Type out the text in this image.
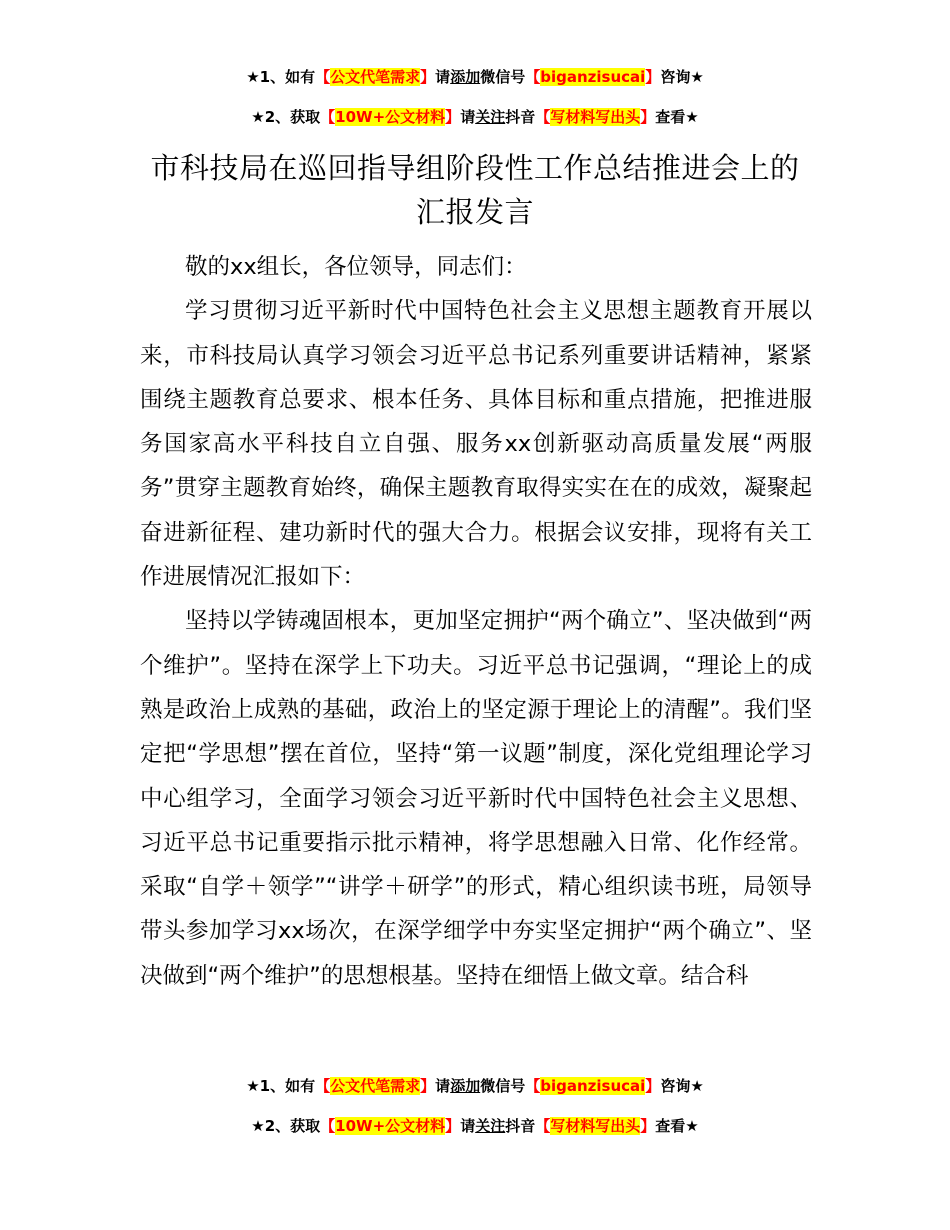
★1、如有【公文代笔需求】请添加微信号【biganzisucai】咨询★
★2、获取【10W+公文材料】请关注抖音【写材料写出头】查看★
市科技局在巡回指导组阶段性工作总结推进会上的汇报发言

敬的xx组长，各位领导，同志们：

学习贯彻习近平新时代中国特色社会主义思想主题教育开展以来，市科技局认真学习领会习近平总书记系列重要讲话精神，紧紧围绕主题教育总要求、根本任务、具体目标和重点措施，把推进服务国家高水平科技自立自强、服务xx创新驱动高质量发展“两服务”贯穿主题教育始终，确保主题教育取得实实在在的成效，凝聚起奋进新征程、建功新时代的强大合力。根据会议安排，现将有关工作进展情况汇报如下：

坚持以学铸魂固根本，更加坚定拥护“两个确立”、坚决做到“两个维护”。坚持在深学上下功夫。习近平总书记强调，“理论上的成熟是政治上成熟的基础，政治上的坚定源于理论上的清醒”。我们坚定把“学思想”摆在首位，坚持“第一议题”制度，深化党组理论学习中心组学习，全面学习领会习近平新时代中国特色社会主义思想、习近平总书记重要指示批示精神，将学思想融入日常、化作经常。采取“自学＋领学”“讲学＋研学”的形式，精心组织读书班，局领导带头参加学习xx场次，在深学细学中夯实坚定拥护“两个确立”、坚决做到“两个维护”的思想根基。坚持在细悟上做文章。结合科

★1、如有【公文代笔需求】请添加微信号【biganzisucai】咨询★
★2、获取【10W+公文材料】请关注抖音【写材料写出头】查看★
